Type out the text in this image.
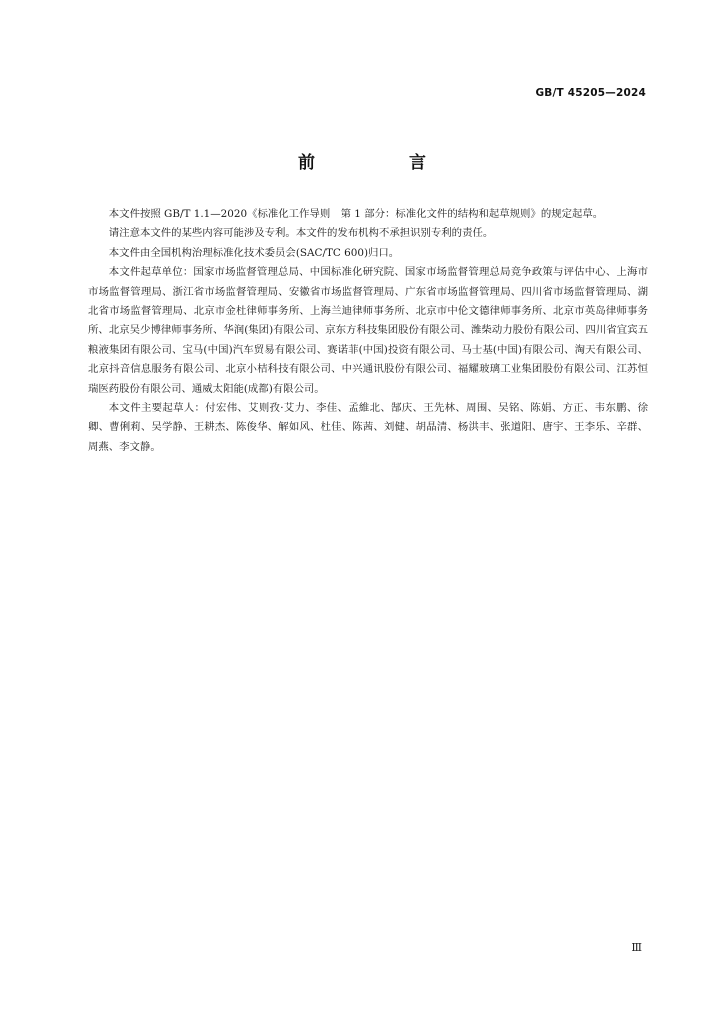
GB/T 45205—2024
前 言

本文件按照 GB/T 1.1—2020《标准化工作导则　第 1 部分：标准化文件的结构和起草规则》的规定起草。

请注意本文件的某些内容可能涉及专利。本文件的发布机构不承担识别专利的责任。

本文件由全国机构治理标准化技术委员会(SAC/TC 600)归口。

本文件起草单位：国家市场监督管理总局、中国标准化研究院、国家市场监督管理总局竞争政策与评估中心、上海市市场监督管理局、浙江省市场监督管理局、安徽省市场监督管理局、广东省市场监督管理局、四川省市场监督管理局、湖北省市场监督管理局、北京市金杜律师事务所、上海兰迪律师事务所、北京市中伦文德律师事务所、北京市英岛律师事务所、北京吴少博律师事务所、华润(集团)有限公司、京东方科技集团股份有限公司、潍柴动力股份有限公司、四川省宜宾五粮液集团有限公司、宝马(中国)汽车贸易有限公司、赛诺菲(中国)投资有限公司、马士基(中国)有限公司、淘天有限公司、北京抖音信息服务有限公司、北京小桔科技有限公司、中兴通讯股份有限公司、福耀玻璃工业集团股份有限公司、江苏恒瑞医药股份有限公司、通威太阳能(成都)有限公司。

本文件主要起草人：付宏伟、艾则孜·艾力、李佳、孟維北、郜庆、王先林、周围、吴铭、陈娟、方正、韦东鹏、徐卿、曹俐莉、吴学静、王耕杰、陈俊华、解如风、杜佳、陈茜、刘健、胡晶清、杨洪丰、张道阳、唐宇、王李乐、辛群、周燕、李文静。

Ⅲ
